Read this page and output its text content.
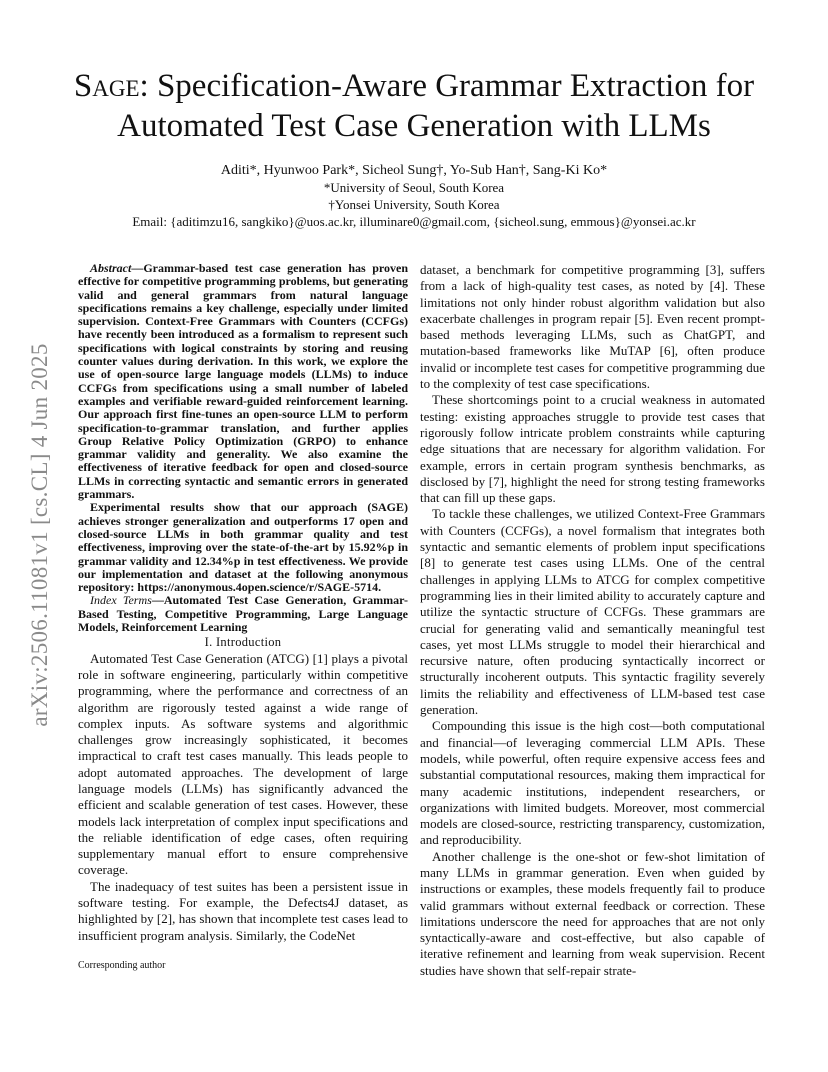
arXiv:2506.11081v1 [cs.CL] 4 Jun 2025
Sage: Specification-Aware Grammar Extraction for Automated Test Case Generation with LLMs
Aditi*, Hyunwoo Park*, Sicheol Sung†, Yo-Sub Han†, Sang-Ki Ko*
*University of Seoul, South Korea
†Yonsei University, South Korea
Email: {aditimzu16, sangkiko}@uos.ac.kr, illuminare0@gmail.com, {sicheol.sung, emmous}@yonsei.ac.kr

Abstract—Grammar-based test case generation has proven effective for competitive programming problems, but generating valid and general grammars from natural language specifications remains a key challenge, especially under limited supervision. Context-Free Grammars with Counters (CCFGs) have recently been introduced as a formalism to represent such specifications with logical constraints by storing and reusing counter values during derivation. In this work, we explore the use of open-source large language models (LLMs) to induce CCFGs from specifications using a small number of labeled examples and verifiable reward-guided reinforcement learning. Our approach first fine-tunes an open-source LLM to perform specification-to-grammar translation, and further applies Group Relative Policy Optimization (GRPO) to enhance grammar validity and generality. We also examine the effectiveness of iterative feedback for open and closed-source LLMs in correcting syntactic and semantic errors in generated grammars.

Experimental results show that our approach (SAGE) achieves stronger generalization and outperforms 17 open and closed-source LLMs in both grammar quality and test effectiveness, improving over the state-of-the-art by 15.92%p in grammar validity and 12.34%p in test effectiveness. We provide our implementation and dataset at the following anonymous repository: https://anonymous.4open.science/r/SAGE-5714.

Index Terms—Automated Test Case Generation, Grammar-Based Testing, Competitive Programming, Large Language Models, Reinforcement Learning

I. Introduction

Automated Test Case Generation (ATCG) [1] plays a pivotal role in software engineering, particularly within competitive programming, where the performance and correctness of an algorithm are rigorously tested against a wide range of complex inputs. As software systems and algorithmic challenges grow increasingly sophisticated, it becomes impractical to craft test cases manually. This leads people to adopt automated approaches. The development of large language models (LLMs) has significantly advanced the efficient and scalable generation of test cases. However, these models lack interpretation of complex input specifications and the reliable identification of edge cases, often requiring supplementary manual effort to ensure comprehensive coverage.

The inadequacy of test suites has been a persistent issue in software testing. For example, the Defects4J dataset, as highlighted by [2], has shown that incomplete test cases lead to insufficient program analysis. Similarly, the CodeNet

Corresponding author

dataset, a benchmark for competitive programming [3], suffers from a lack of high-quality test cases, as noted by [4]. These limitations not only hinder robust algorithm validation but also exacerbate challenges in program repair [5]. Even recent prompt-based methods leveraging LLMs, such as ChatGPT, and mutation-based frameworks like MuTAP [6], often produce invalid or incomplete test cases for competitive programming due to the complexity of test case specifications.

These shortcomings point to a crucial weakness in automated testing: existing approaches struggle to provide test cases that rigorously follow intricate problem constraints while capturing edge situations that are necessary for algorithm validation. For example, errors in certain program synthesis benchmarks, as disclosed by [7], highlight the need for strong testing frameworks that can fill up these gaps.

To tackle these challenges, we utilized Context-Free Grammars with Counters (CCFGs), a novel formalism that integrates both syntactic and semantic elements of problem input specifications [8] to generate test cases using LLMs. One of the central challenges in applying LLMs to ATCG for complex competitive programming lies in their limited ability to accurately capture and utilize the syntactic structure of CCFGs. These grammars are crucial for generating valid and semantically meaningful test cases, yet most LLMs struggle to model their hierarchical and recursive nature, often producing syntactically incorrect or structurally incoherent outputs. This syntactic fragility severely limits the reliability and effectiveness of LLM-based test case generation.

Compounding this issue is the high cost—both computational and financial—of leveraging commercial LLM APIs. These models, while powerful, often require expensive access fees and substantial computational resources, making them impractical for many academic institutions, independent researchers, or organizations with limited budgets. Moreover, most commercial models are closed-source, restricting transparency, customization, and reproducibility.

Another challenge is the one-shot or few-shot limitation of many LLMs in grammar generation. Even when guided by instructions or examples, these models frequently fail to produce valid grammars without external feedback or correction. These limitations underscore the need for approaches that are not only syntactically-aware and cost-effective, but also capable of iterative refinement and learning from weak supervision. Recent studies have shown that self-repair strate-
